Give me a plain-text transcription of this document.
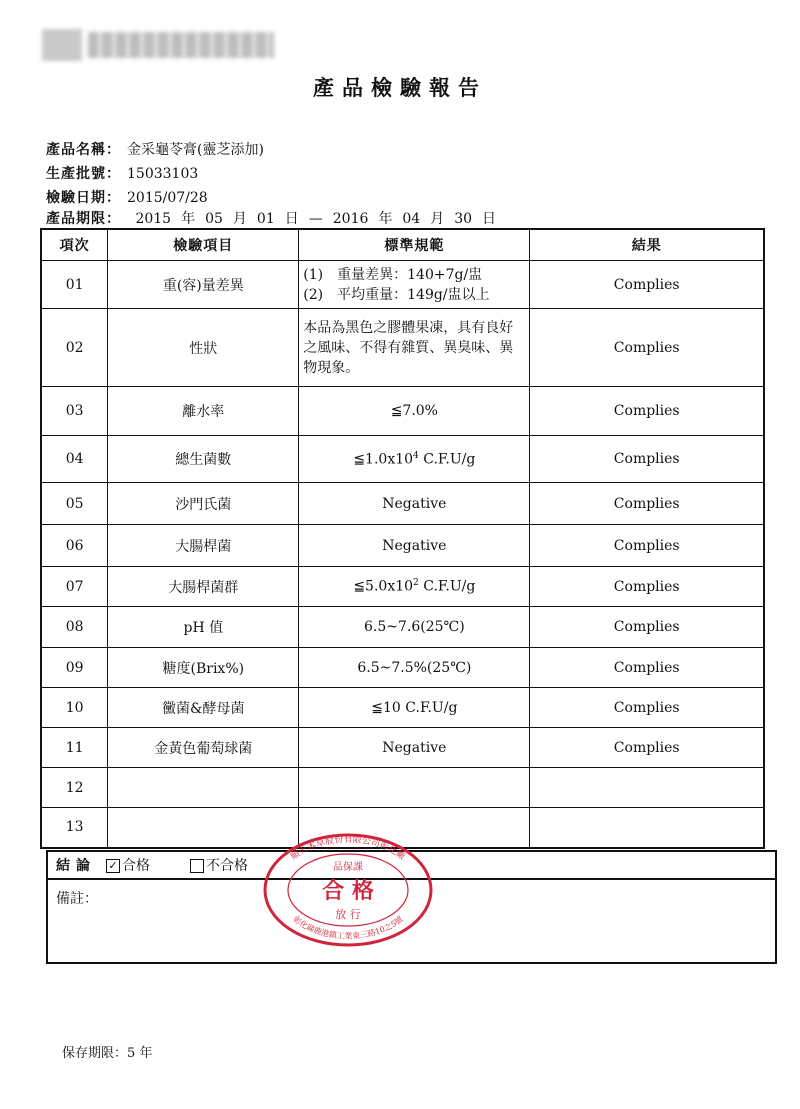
產品檢驗報告
產品名稱： 金采龜苓膏(靈芝添加)
生產批號： 15033103
檢驗日期： 2015/07/28
產品期限： 2015 年 05 月 01 日 — 2016 年 04 月 30 日
項次	檢驗項目	標準規範	結果
01	重(容)量差異	(1)　重量差異：140+7g/盅
(2)　平均重量：149g/盅以上	Complies
02	性狀	本品為黑色之膠體果凍，具有良好
之風味、不得有雜質、異臭味、異
物現象。	Complies
03	離水率	≦7.0%	Complies
04	總生菌數	$≦1.0x10^4$ C.F.U/g	Complies
05	沙門氏菌	Negative	Complies
06	大腸桿菌	Negative	Complies
07	大腸桿菌群	$≦5.0x10^2$ C.F.U/g	Complies
08	pH 值	6.5~7.6(25℃)	Complies
09	糖度(Brix%)	6.5~7.5%(25℃)	Complies
10	黴菌&酵母菌	≦10 C.F.U/g	Complies
11	金黃色葡萄球菌	Negative	Complies
12			
13			
結論 ✓ 合格	不合格
備註：
順天本草股份有限公司彰化廠
彰化縣鹿港鎮工業東三路10之5號
品保課
合 格
放 行
保存期限：5 年
